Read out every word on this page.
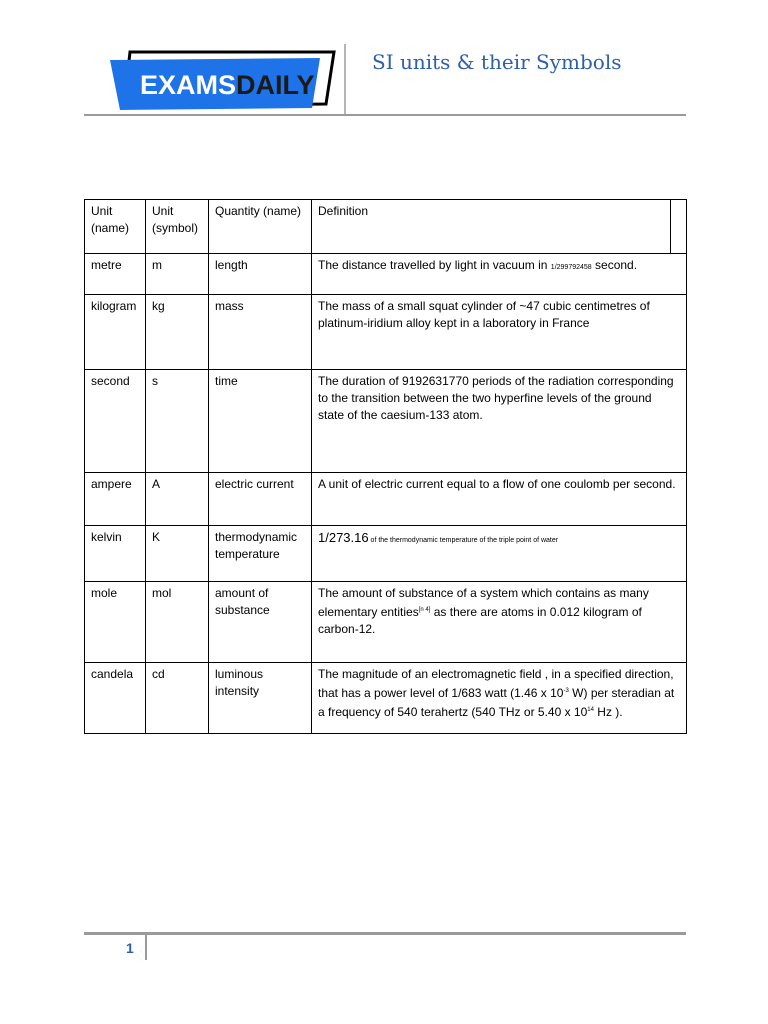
EXAMS DAILY
SI units & their Symbols
Unit (name)	Unit (symbol)	Quantity (name)	Definition	
metre	m	length	The distance travelled by light in vacuum in 1/299792458 second.	
kilogram	kg	mass	The mass of a small squat cylinder of ~47 cubic centimetres of platinum-iridium alloy kept in a laboratory in France	
second	s	time	The duration of 9192631770 periods of the radiation corresponding to the transition between the two hyperfine levels of the ground state of the caesium-133 atom.	
ampere	A	electric current	A unit of electric current equal to a flow of one coulomb per second.	
kelvin	K	thermodynamic temperature	1/273.16 of the thermodynamic temperature of the triple point of water	
mole	mol	amount of substance	The amount of substance of a system which contains as many elementary entities[n 4] as there are atoms in 0.012 kilogram of carbon-12.	
candela	cd	luminous intensity	The magnitude of an electromagnetic field , in a specified direction, that has a power level of 1/683 watt (1.46 x $10^{-3}$ W) per steradian at a frequency of 540 terahertz (540 THz or 5.40 x $10^{14}$ Hz ).	
1
